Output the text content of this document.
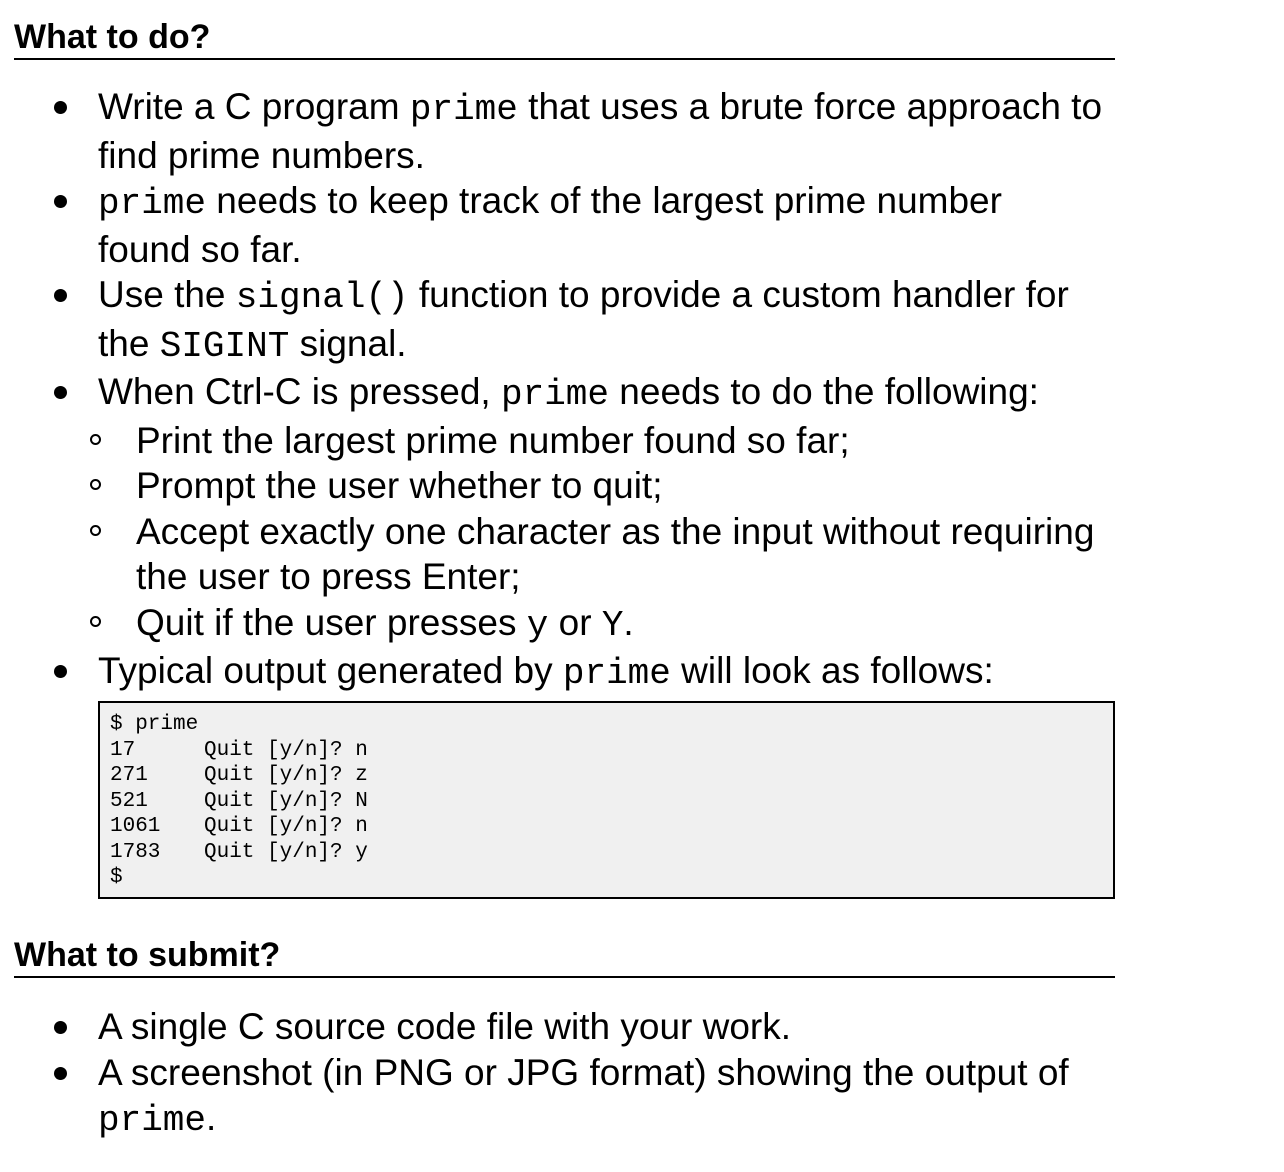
What to do?
Write a C program prime that uses a brute force approach to
find prime numbers.
prime needs to keep track of the largest prime number
found so far.
Use the signal() function to provide a custom handler for
the SIGINT signal.
When Ctrl-C is pressed, prime needs to do the following:
Print the largest prime number found so far;
Prompt the user whether to quit;
Accept exactly one character as the input without requiring
the user to press Enter;
Quit if the user presses y or Y.
Typical output generated by prime will look as follows:
$ prime
17	Quit [y/n]? n
271	Quit [y/n]? z
521	Quit [y/n]? N
1061 Quit [y/n]? n
1783 Quit [y/n]? y
$
What to submit?
A single C source code file with your work.
A screenshot (in PNG or JPG format) showing the output of
prime.
